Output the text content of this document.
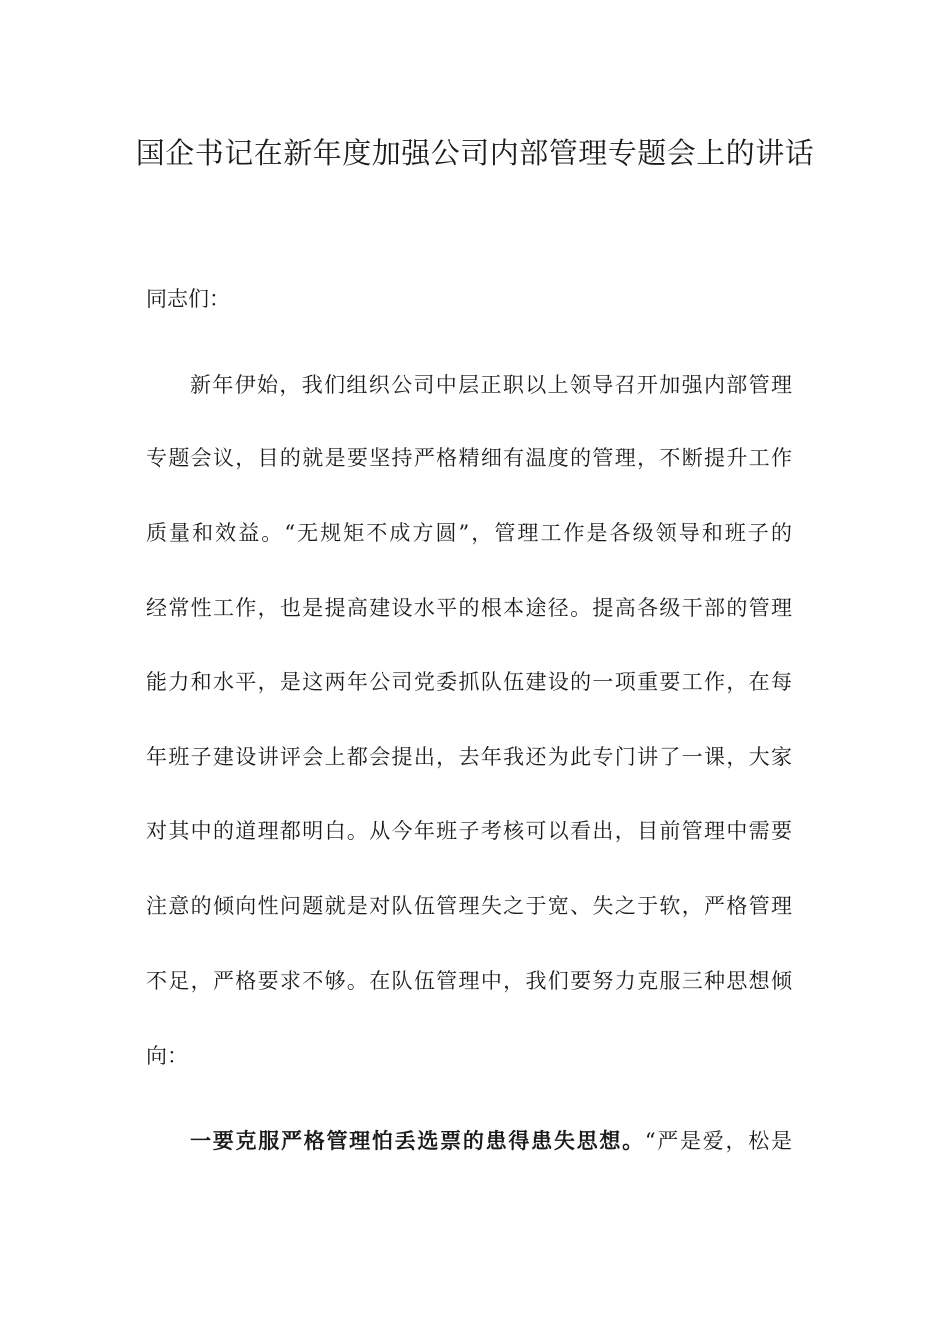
国企书记在新年度加强公司内部管理专题会上的讲话
同志们：
新年伊始，我们组织公司中层正职以上领导召开加强内部管理
专题会议，目的就是要坚持严格精细有温度的管理，不断提升工作
质量和效益。“无规矩不成方圆”，管理工作是各级领导和班子的
经常性工作，也是提高建设水平的根本途径。提高各级干部的管理
能力和水平，是这两年公司党委抓队伍建设的一项重要工作，在每
年班子建设讲评会上都会提出，去年我还为此专门讲了一课，大家
对其中的道理都明白。从今年班子考核可以看出，目前管理中需要
注意的倾向性问题就是对队伍管理失之于宽、失之于软，严格管理
不足，严格要求不够。在队伍管理中，我们要努力克服三种思想倾
向：
一要克服严格管理怕丢选票的患得患失思想。“严是爱，松是
